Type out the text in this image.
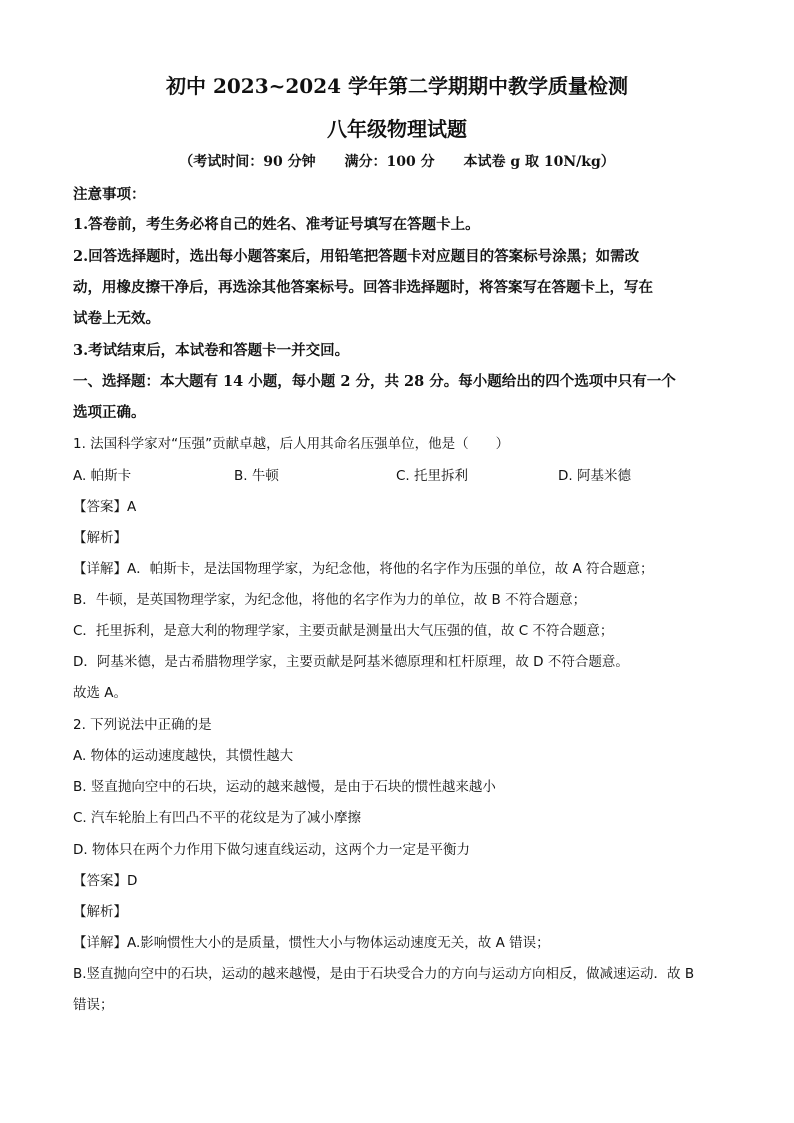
初中 2023~2024 学年第二学期期中教学质量检测
八年级物理试题
（考试时间：90 分钟 满分：100 分 本试卷 g 取 10N/kg）
注意事项：
1.答卷前，考生务必将自己的姓名、准考证号填写在答题卡上。
2.回答选择题时，选出每小题答案后，用铅笔把答题卡对应题目的答案标号涂黑；如需改
动，用橡皮擦干净后，再选涂其他答案标号。回答非选择题时，将答案写在答题卡上，写在
试卷上无效。
3.考试结束后，本试卷和答题卡一并交回。
一、选择题：本大题有 14 小题，每小题 2 分，共 28 分。每小题给出的四个选项中只有一个
选项正确。
1. 法国科学家对“压强”贡献卓越，后人用其命名压强单位，他是（　　）
A. 帕斯卡	B. 牛顿	C. 托里拆利	D. 阿基米德
【答案】A
【解析】
【详解】A．帕斯卡，是法国物理学家，为纪念他，将他的名字作为压强的单位，故 A 符合题意；
B．牛顿，是英国物理学家，为纪念他，将他的名字作为力的单位，故 B 不符合题意；
C．托里拆利，是意大利的物理学家，主要贡献是测量出大气压强的值，故 C 不符合题意；
D．阿基米德，是古希腊物理学家，主要贡献是阿基米德原理和杠杆原理，故 D 不符合题意。
故选 A。
2. 下列说法中正确的是
A. 物体的运动速度越快，其惯性越大
B. 竖直抛向空中的石块，运动的越来越慢，是由于石块的惯性越来越小
C. 汽车轮胎上有凹凸不平的花纹是为了减小摩擦
D. 物体只在两个力作用下做匀速直线运动，这两个力一定是平衡力
【答案】D
【解析】
【详解】A.影响惯性大小的是质量，惯性大小与物体运动速度无关，故 A 错误；
B.竖直抛向空中的石块，运动的越来越慢，是由于石块受合力的方向与运动方向相反，做减速运动．故 B
错误；
